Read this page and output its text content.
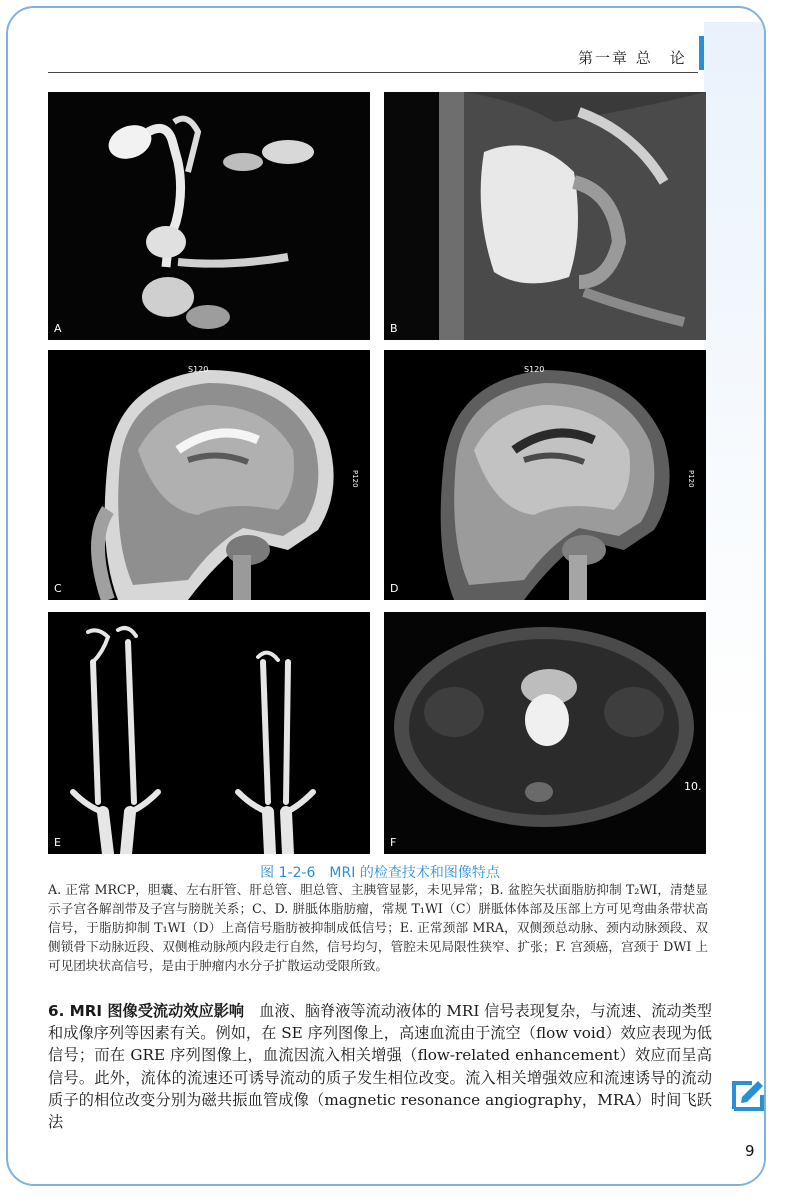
第一章 总　论
A	B
S120
P120
C
S120
P120
D
E
10.
F
图 1-2-6　MRI 的检查技术和图像特点
A. 正常 MRCP，胆囊、左右肝管、肝总管、胆总管、主胰管显影，未见异常；B. 盆腔矢状面脂肪抑制 T₂WI，清楚显示子宫各解剖带及子宫与膀胱关系；C、D. 胼胝体脂肪瘤，常规 T₁WI（C）胼胝体体部及压部上方可见弯曲条带状高信号，于脂肪抑制 T₁WI（D）上高信号脂肪被抑制成低信号；E. 正常颈部 MRA，双侧颈总动脉、颈内动脉颈段、双侧锁骨下动脉近段、双侧椎动脉颅内段走行自然，信号均匀，管腔未见局限性狭窄、扩张；F. 宫颈癌，宫颈于 DWI 上可见团块状高信号，是由于肿瘤内水分子扩散运动受限所致。
6. MRI 图像受流动效应影响　血液、脑脊液等流动液体的 MRI 信号表现复杂，与流速、流动类型和成像序列等因素有关。例如，在 SE 序列图像上，高速血流由于流空（flow void）效应表现为低信号；而在 GRE 序列图像上，血流因流入相关增强（flow-related enhancement）效应而呈高信号。此外，流体的流速还可诱导流动的质子发生相位改变。流入相关增强效应和流速诱导的流动质子的相位改变分别为磁共振血管成像（magnetic resonance angiography，MRA）时间飞跃法
9
